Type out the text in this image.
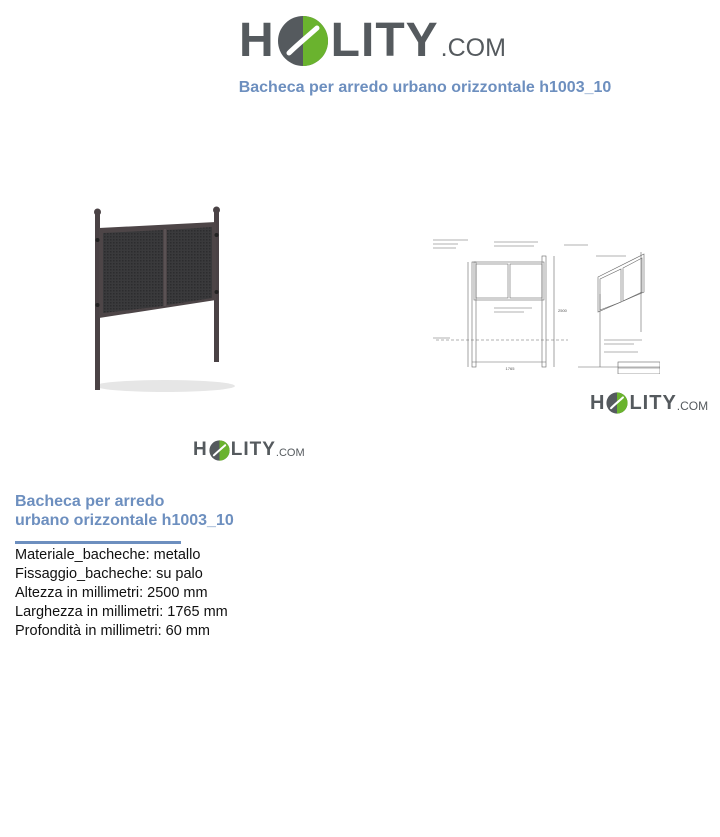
H LITY .COM
Bacheca per arredo urbano orizzontale h1003_10
H LITY .COM
1765
2500
H LITY .COM
Bacheca per arredo
urbano orizzontale h1003_10
Materiale_bacheche: metallo
Fissaggio_bacheche: su palo
Altezza in millimetri: 2500 mm
Larghezza in millimetri: 1765 mm
Profondità in millimetri: 60 mm
